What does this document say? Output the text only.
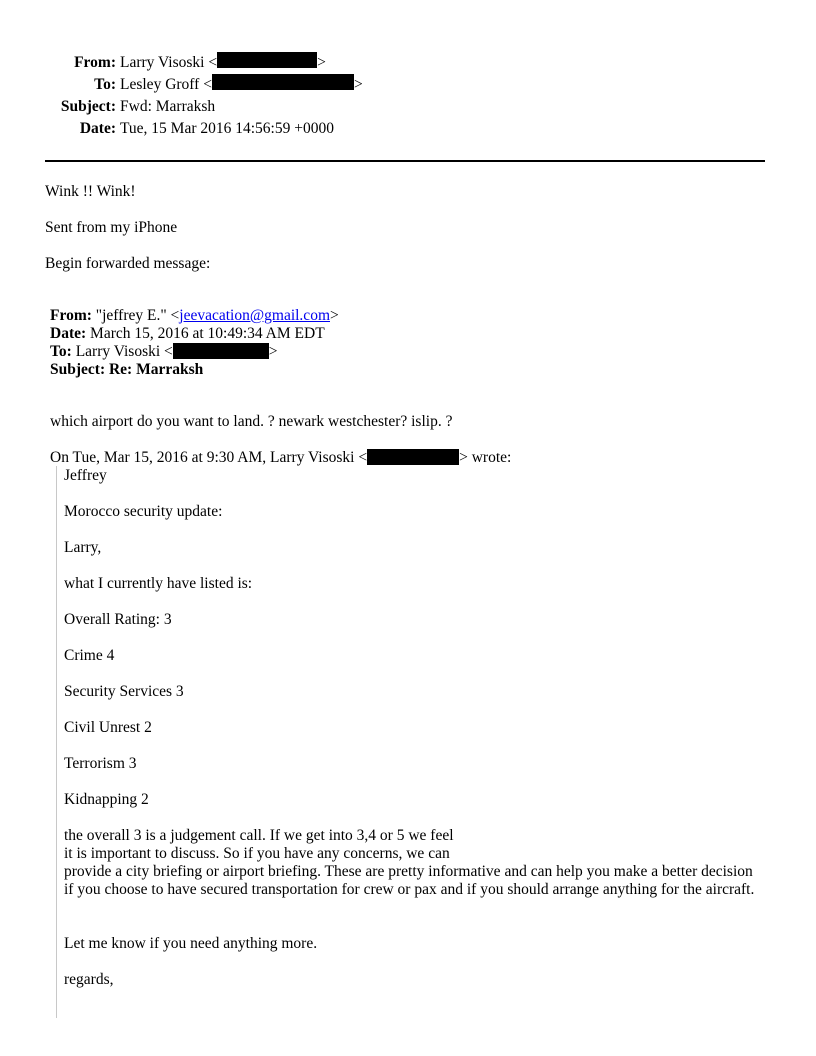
From: Larry Visoski <	>
To: Lesley Groff <	>
Subject: Fwd: Marraksh
Date: Tue, 15 Mar 2016 14:56:59 +0000
Wink !! Wink!
Sent from my iPhone
Begin forwarded message:
From: "jeffrey E." <jeevacation@gmail.com>
Date: March 15, 2016 at 10:49:34 AM EDT
To: Larry Visoski <	>
Subject: Re: Marraksh
which airport do you want to land. ? newark westchester? islip. ?
On Tue, Mar 15, 2016 at 9:30 AM, Larry Visoski <	> wrote:
Jeffrey
Morocco security update:
Larry,
what I currently have listed is:
Overall Rating: 3
Crime 4
Security Services 3
Civil Unrest 2
Terrorism 3
Kidnapping 2
the overall 3 is a judgement call. If we get into 3,4 or 5 we feel
it is important to discuss. So if you have any concerns, we can
provide a city briefing or airport briefing. These are pretty informative and can help you make a better decision if you choose to have secured transportation for crew or pax and if you should arrange anything for the aircraft.
Let me know if you need anything more.
regards,
